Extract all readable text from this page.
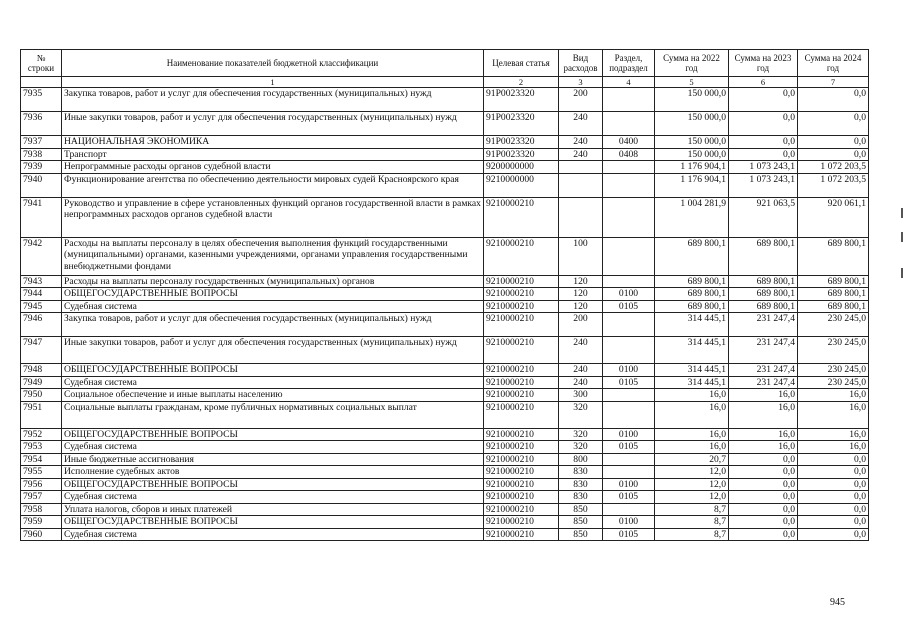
№ строки	Наименование показателей бюджетной классификации	Целевая статья	Вид расходов	Раздел, подраздел	Сумма на 2022 год	Сумма на 2023 год	Сумма на 2024 год
	1	2	3	4	5	6	7
7935	Закупка товаров, работ и услуг для обеспечения государственных (муниципальных) нужд	91Р0023320	200		150 000,0	0,0	0,0
7936	Иные закупки товаров, работ и услуг для обеспечения государственных (муниципальных) нужд	91Р0023320	240		150 000,0	0,0	0,0
7937	НАЦИОНАЛЬНАЯ ЭКОНОМИКА	91Р0023320	240	0400	150 000,0	0,0	0,0
7938	Транспорт	91Р0023320	240	0408	150 000,0	0,0	0,0
7939	Непрограммные расходы органов судебной власти	9200000000			1 176 904,1	1 073 243,1	1 072 203,5
7940	Функционирование агентства по обеспечению деятельности мировых судей Красноярского края	9210000000			1 176 904,1	1 073 243,1	1 072 203,5
7941	Руководство и управление в сфере установленных функций органов государственной власти в рамках непрограммных расходов органов судебной власти	9210000210			1 004 281,9	921 063,5	920 061,1
7942	Расходы на выплаты персоналу в целях обеспечения выполнения функций государственными (муниципальными) органами, казенными учреждениями, органами управления государственными внебюджетными фондами	9210000210	100		689 800,1	689 800,1	689 800,1
7943	Расходы на выплаты персоналу государственных (муниципальных) органов	9210000210	120		689 800,1	689 800,1	689 800,1
7944	ОБЩЕГОСУДАРСТВЕННЫЕ ВОПРОСЫ	9210000210	120	0100	689 800,1	689 800,1	689 800,1
7945	Судебная система	9210000210	120	0105	689 800,1	689 800,1	689 800,1
7946	Закупка товаров, работ и услуг для обеспечения государственных (муниципальных) нужд	9210000210	200		314 445,1	231 247,4	230 245,0
7947	Иные закупки товаров, работ и услуг для обеспечения государственных (муниципальных) нужд	9210000210	240		314 445,1	231 247,4	230 245,0
7948	ОБЩЕГОСУДАРСТВЕННЫЕ ВОПРОСЫ	9210000210	240	0100	314 445,1	231 247,4	230 245,0
7949	Судебная система	9210000210	240	0105	314 445,1	231 247,4	230 245,0
7950	Социальное обеспечение и иные выплаты населению	9210000210	300		16,0	16,0	16,0
7951	Социальные выплаты гражданам, кроме публичных нормативных социальных выплат	9210000210	320		16,0	16,0	16,0
7952	ОБЩЕГОСУДАРСТВЕННЫЕ ВОПРОСЫ	9210000210	320	0100	16,0	16,0	16,0
7953	Судебная система	9210000210	320	0105	16,0	16,0	16,0
7954	Иные бюджетные ассигнования	9210000210	800		20,7	0,0	0,0
7955	Исполнение судебных актов	9210000210	830		12,0	0,0	0,0
7956	ОБЩЕГОСУДАРСТВЕННЫЕ ВОПРОСЫ	9210000210	830	0100	12,0	0,0	0,0
7957	Судебная система	9210000210	830	0105	12,0	0,0	0,0
7958	Уплата налогов, сборов и иных платежей	9210000210	850		8,7	0,0	0,0
7959	ОБЩЕГОСУДАРСТВЕННЫЕ ВОПРОСЫ	9210000210	850	0100	8,7	0,0	0,0
7960	Судебная система	9210000210	850	0105	8,7	0,0	0,0
945
